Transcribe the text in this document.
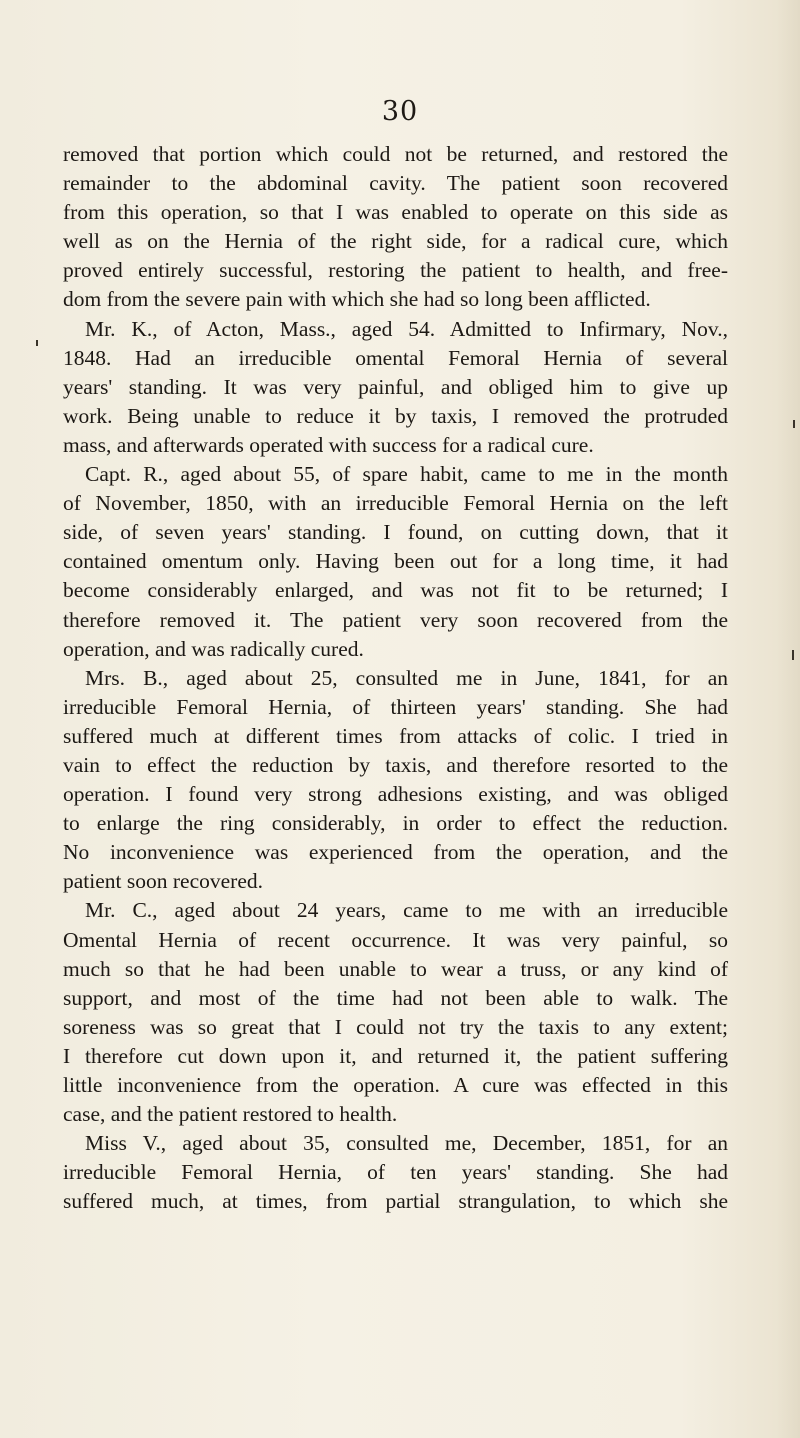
30
removed that portion which could not be returned, and restored the
remainder to the abdominal cavity. The patient soon recovered
from this operation, so that I was enabled to operate on this side as
well as on the Hernia of the right side, for a radical cure, which
proved entirely successful, restoring the patient to health, and free-
dom from the severe pain with which she had so long been afflicted.
Mr. K., of Acton, Mass., aged 54. Admitted to Infirmary, Nov.,
1848. Had an irreducible omental Femoral Hernia of several
years' standing. It was very painful, and obliged him to give up
work. Being unable to reduce it by taxis, I removed the protruded
mass, and afterwards operated with success for a radical cure.
Capt. R., aged about 55, of spare habit, came to me in the month
of November, 1850, with an irreducible Femoral Hernia on the left
side, of seven years' standing. I found, on cutting down, that it
contained omentum only. Having been out for a long time, it had
become considerably enlarged, and was not fit to be returned; I
therefore removed it. The patient very soon recovered from the
operation, and was radically cured.
Mrs. B., aged about 25, consulted me in June, 1841, for an
irreducible Femoral Hernia, of thirteen years' standing. She had
suffered much at different times from attacks of colic. I tried in
vain to effect the reduction by taxis, and therefore resorted to the
operation. I found very strong adhesions existing, and was obliged
to enlarge the ring considerably, in order to effect the reduction.
No inconvenience was experienced from the operation, and the
patient soon recovered.
Mr. C., aged about 24 years, came to me with an irreducible
Omental Hernia of recent occurrence. It was very painful, so
much so that he had been unable to wear a truss, or any kind of
support, and most of the time had not been able to walk. The
soreness was so great that I could not try the taxis to any extent;
I therefore cut down upon it, and returned it, the patient suffering
little inconvenience from the operation. A cure was effected in this
case, and the patient restored to health.
Miss V., aged about 35, consulted me, December, 1851, for an
irreducible Femoral Hernia, of ten years' standing. She had
suffered much, at times, from partial strangulation, to which she
